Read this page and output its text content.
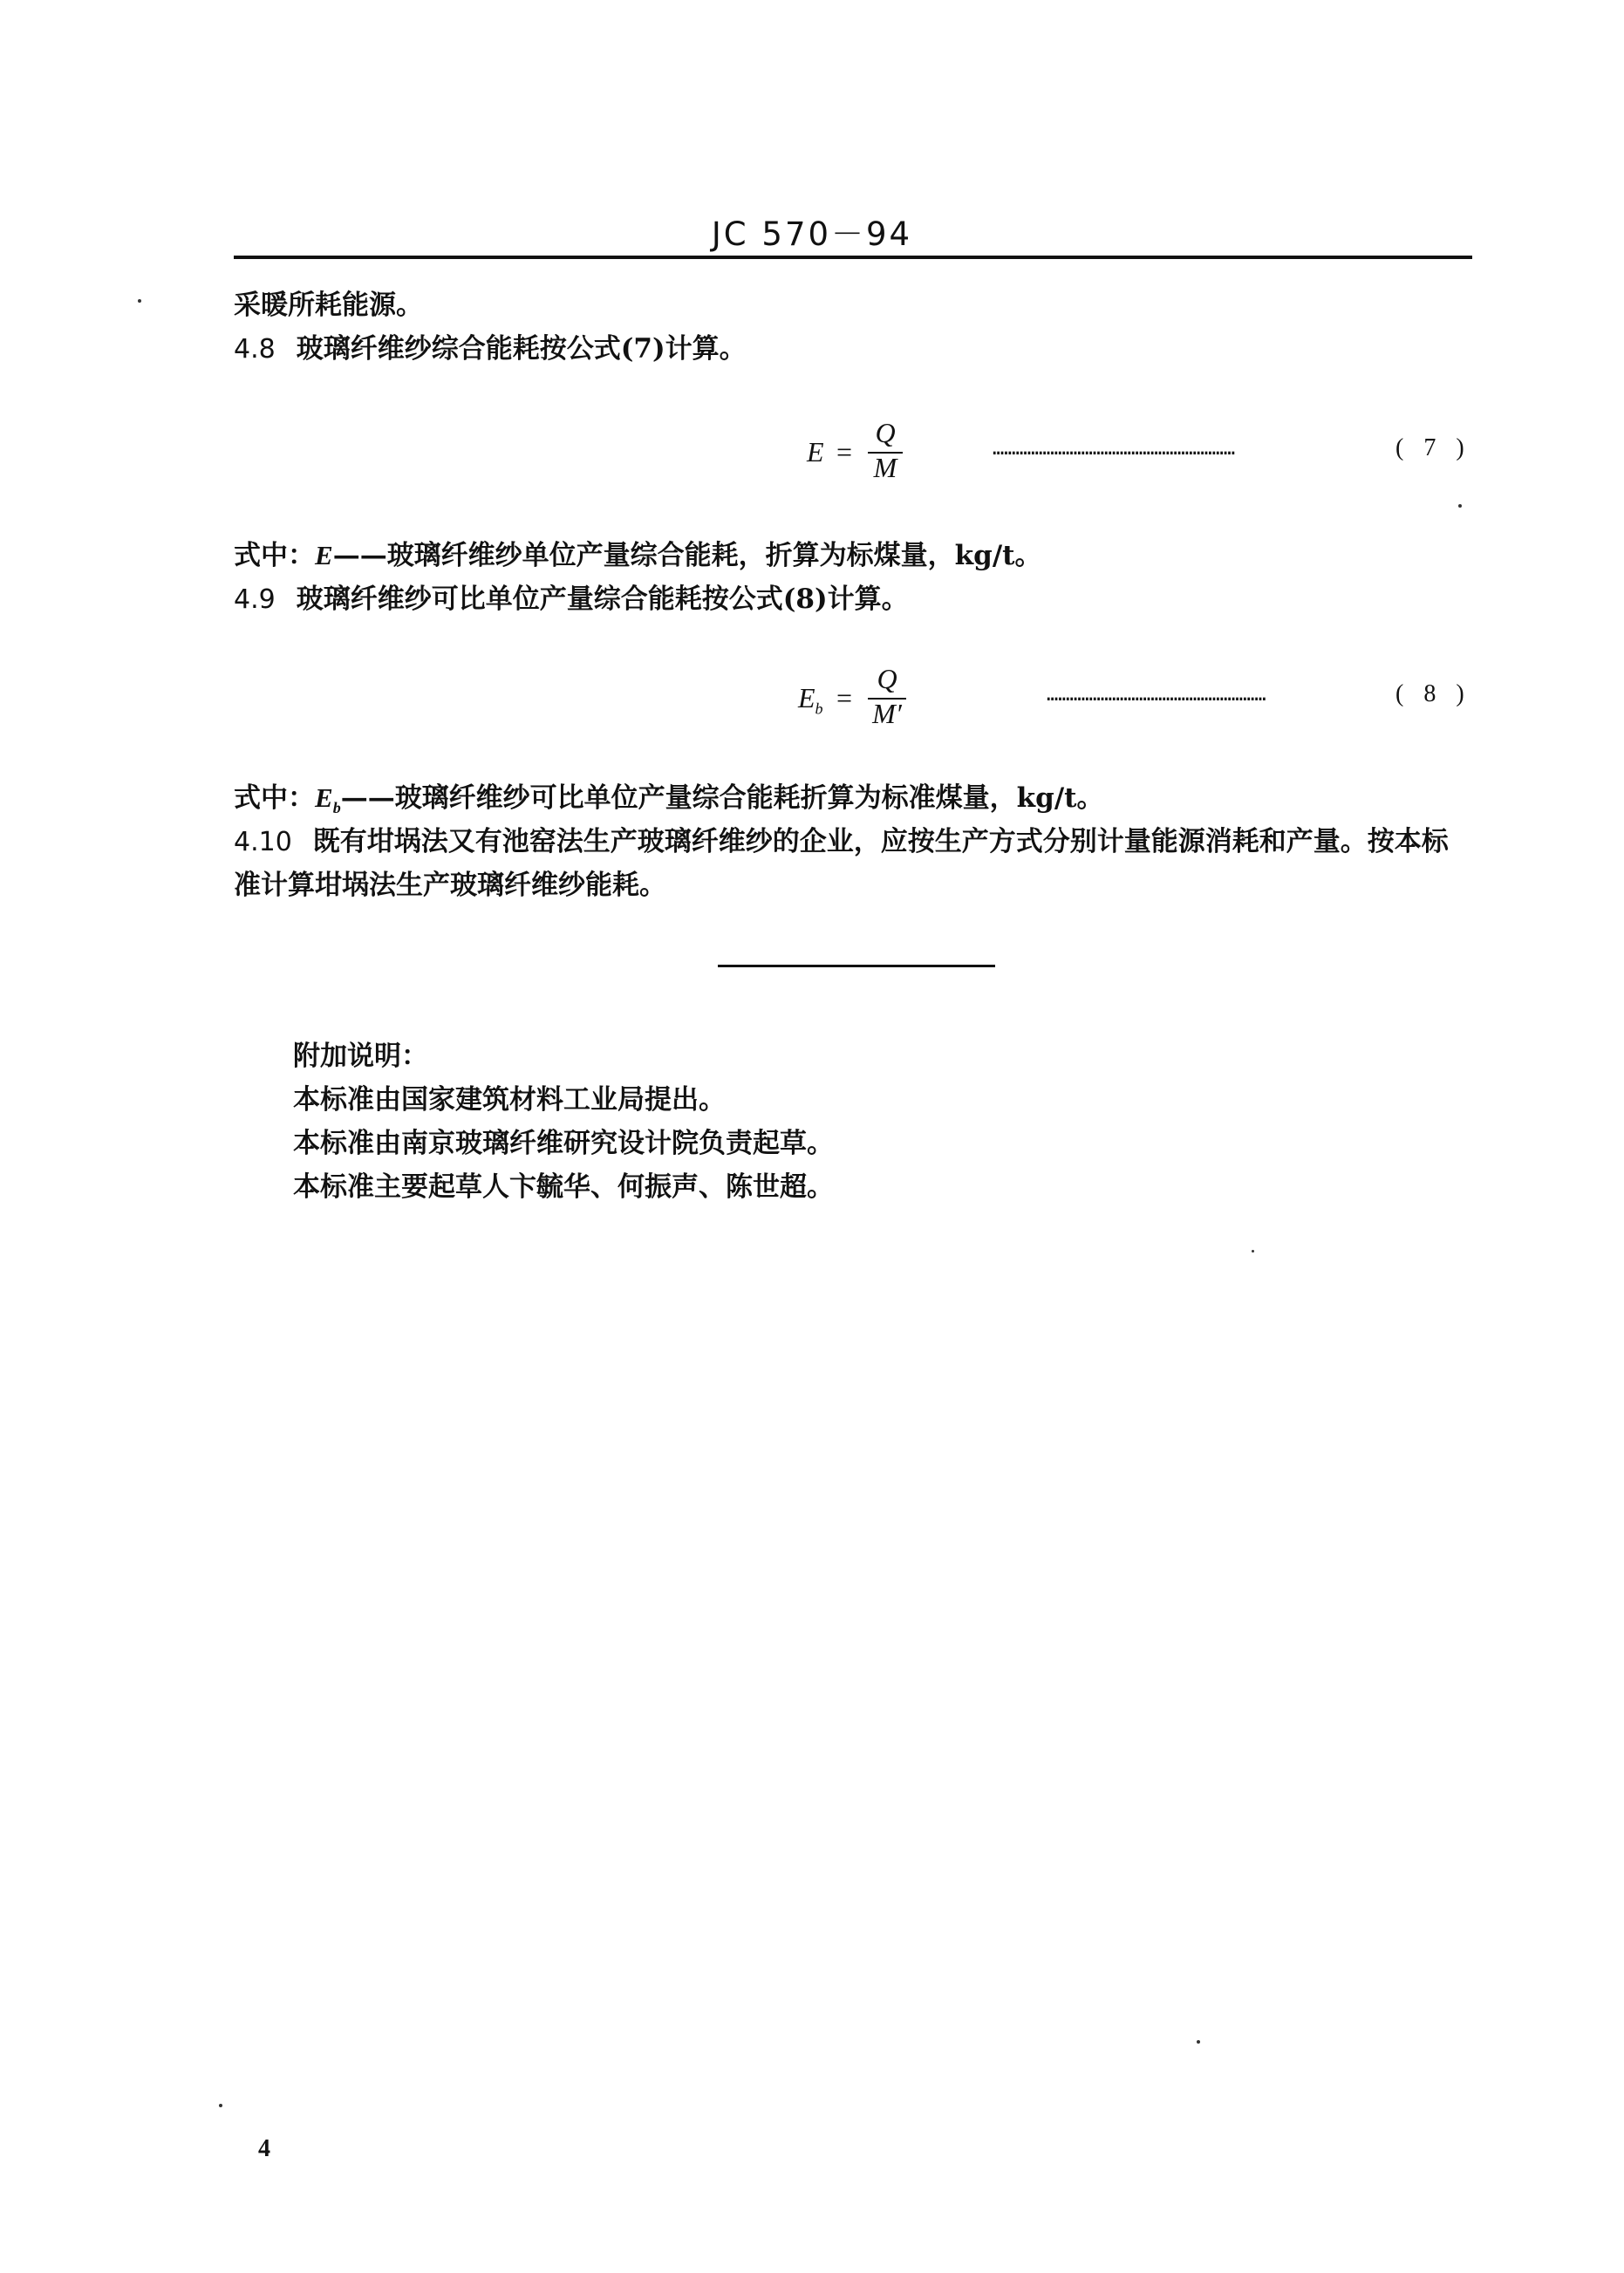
JC 570－94
采暖所耗能源。
4.8 玻璃纤维纱综合能耗按公式(7)计算。
E =
Q
M
………………………………………………………	( 7 )
式中：E——玻璃纤维纱单位产量综合能耗，折算为标煤量，kg/t。
4.9 玻璃纤维纱可比单位产量综合能耗按公式(8)计算。
$E_b$ =
Q
M′
…………………………………………………	( 8 )
式中：$E_b——$玻璃纤维纱可比单位产量综合能耗折算为标准煤量，kg/t。
4.10 既有坩埚法又有池窑法生产玻璃纤维纱的企业，应按生产方式分别计量能源消耗和产量。按本标
准计算坩埚法生产玻璃纤维纱能耗。
附加说明：
本标准由国家建筑材料工业局提出。
本标准由南京玻璃纤维研究设计院负责起草。
本标准主要起草人卞毓华、何振声、陈世超。
4
